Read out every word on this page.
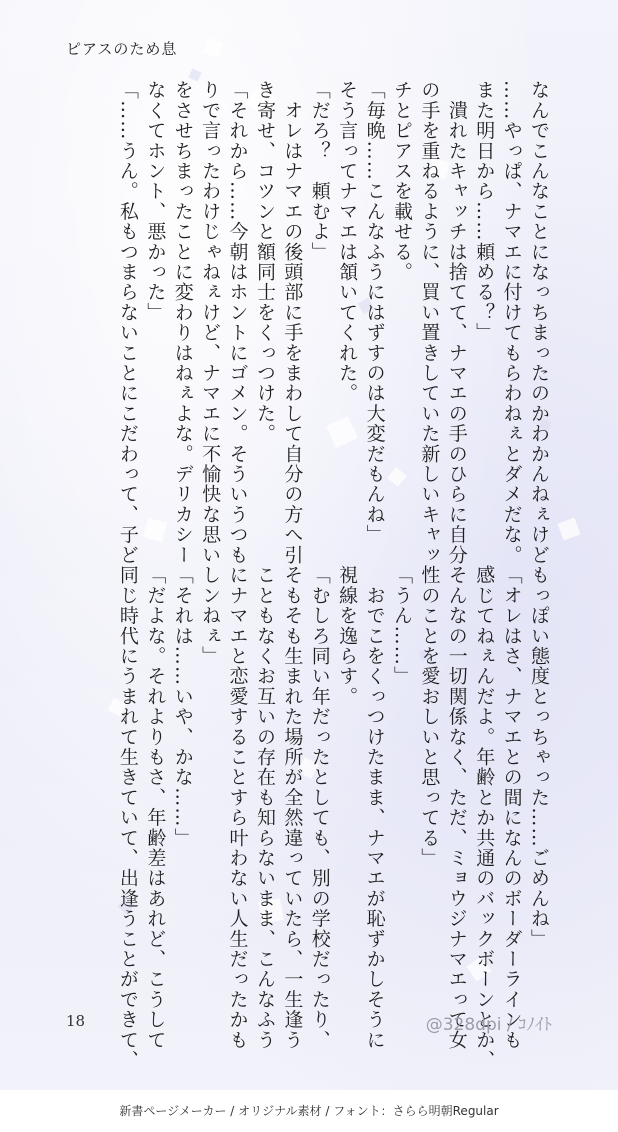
ピアスのため息
なんでこんなことになっちまったのかわかんねぇけど
……やっぱ、ナマエに付けてもらわねぇとダメだな。
また明日から……頼める？」
　潰れたキャッチは捨てて、ナマエの手のひらに自分
の手を重ねるように、買い置きしていた新しいキャッ
チとピアスを載せる。
「毎晩……こんなふうにはずすのは大変だもんね」
そう言ってナマエは頷いてくれた。
「だろ？　頼むよ」
　オレはナマエの後頭部に手をまわして自分の方へ引
き寄せ、コツンと額同士をくっつけた。
「それから……今朝はホントにゴメン。そういうつも
りで言ったわけじゃねぇけど、ナマエに不愉快な思い
をさせちまったことに変わりはねぇよな。デリカシー
なくてホント、悪かった」
「……うん。私もつまらないことにこだわって、子ど
もっぽい態度とっちゃった……ごめんね」
「オレはさ、ナマエとの間になんのボーダーラインも
感じてねぇんだよ。年齢とか共通のバックボーンとか、
そんなの一切関係なく、ただ、ミョウジナマエって女
性のことを愛おしいと思ってる」
「うん……」
　おでこをくっつけたまま、ナマエが恥ずかしそうに
視線を逸らす。
「むしろ同い年だったとしても、別の学校だったり、
そもそも生まれた場所が全然違っていたら、一生逢う
こともなくお互いの存在も知らないまま、こんなふう
にナマエと恋愛することすら叶わない人生だったかも
しンねぇ」
「それは……いや、かな……」
「だよな。それよりもさ、年齢差はあれど、こうして
同じ時代にうまれて生きていて、出逢うことができて、
18	@328dpi / ｺﾉｲﾄ
新書ページメーカー / オリジナル素材 / フォント：さらら明朝Regular
